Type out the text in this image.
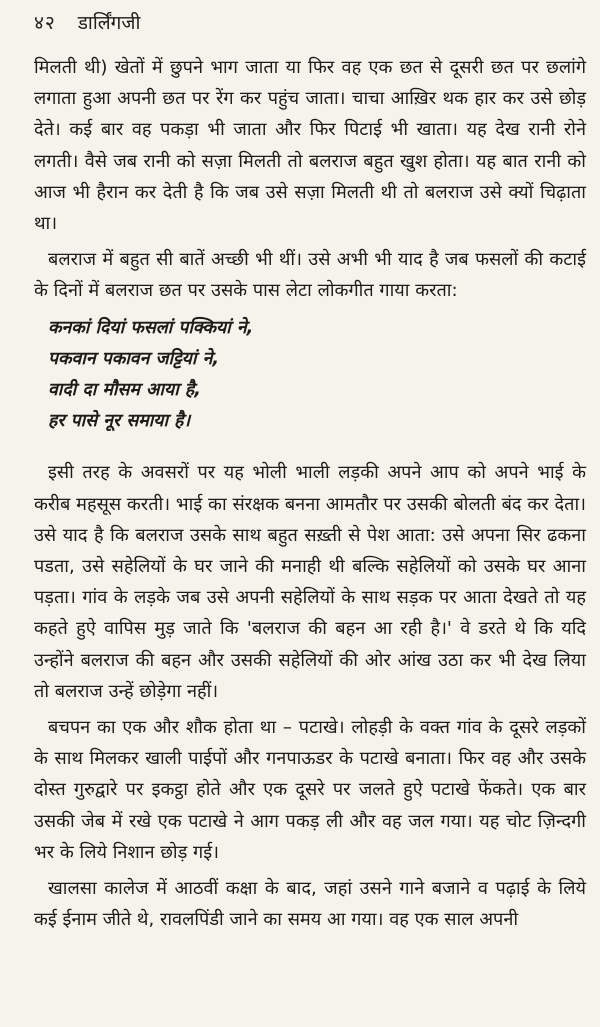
४२ डार्लिंगजी

मिलती थी) खेतों में छुपने भाग जाता या फिर वह एक छत से दूसरी छत पर छलांगे लगाता हुआ अपनी छत पर रेंग कर पहुंच जाता। चाचा आख़िर थक हार कर उसे छोड़ देते। कई बार वह पकड़ा भी जाता और फिर पिटाई भी खाता। यह देख रानी रोने लगती। वैसे जब रानी को सज़ा मिलती तो बलराज बहुत खुश होता। यह बात रानी को आज भी हैरान कर देती है कि जब उसे सज़ा मिलती थी तो बलराज उसे क्यों चिढ़ाता था।

बलराज में बहुत सी बातें अच्छी भी थीं। उसे अभी भी याद है जब फसलों की कटाई के दिनों में बलराज छत पर उसके पास लेटा लोकगीत गाया करता:

कनकां दियां फसलां पक्कियां ने,
पकवान पकावन जट्टियां ने,
वादी दा मौसम आया है,
हर पासे नूर समाया है।

इसी तरह के अवसरों पर यह भोली भाली लड़की अपने आप को अपने भाई के करीब महसूस करती। भाई का संरक्षक बनना आमतौर पर उसकी बोलती बंद कर देता। उसे याद है कि बलराज उसके साथ बहुत सख़्ती से पेश आता: उसे अपना सिर ढकना पडता, उसे सहेलियों के घर जाने की मनाही थी बल्कि सहेलियों को उसके घर आना पड़ता। गांव के लड़के जब उसे अपनी सहेलियों के साथ सड़क पर आता देखते तो यह कहते हुऐ वापिस मुड़ जाते कि 'बलराज की बहन आ रही है।' वे डरते थे कि यदि उन्होंने बलराज की बहन और उसकी सहेलियों की ओर आंख उठा कर भी देख लिया तो बलराज उन्हें छोड़ेगा नहीं।

बचपन का एक और शौक होता था – पटाखे। लोहड़ी के वक्त गांव के दूसरे लड़कों के साथ मिलकर खाली पाईपों और गनपाऊडर के पटाखे बनाता। फिर वह और उसके दोस्त गुरुद्वारे पर इकट्ठा होते और एक दूसरे पर जलते हुऐ पटाखे फेंकते। एक बार उसकी जेब में रखे एक पटाखे ने आग पकड़ ली और वह जल गया। यह चोट ज़िन्दगी भर के लिये निशान छोड़ गई।

खालसा कालेज में आठवीं कक्षा के बाद, जहां उसने गाने बजाने व पढ़ाई के लिये कई ईनाम जीते थे, रावलपिंडी जाने का समय आ गया। वह एक साल अपनी
